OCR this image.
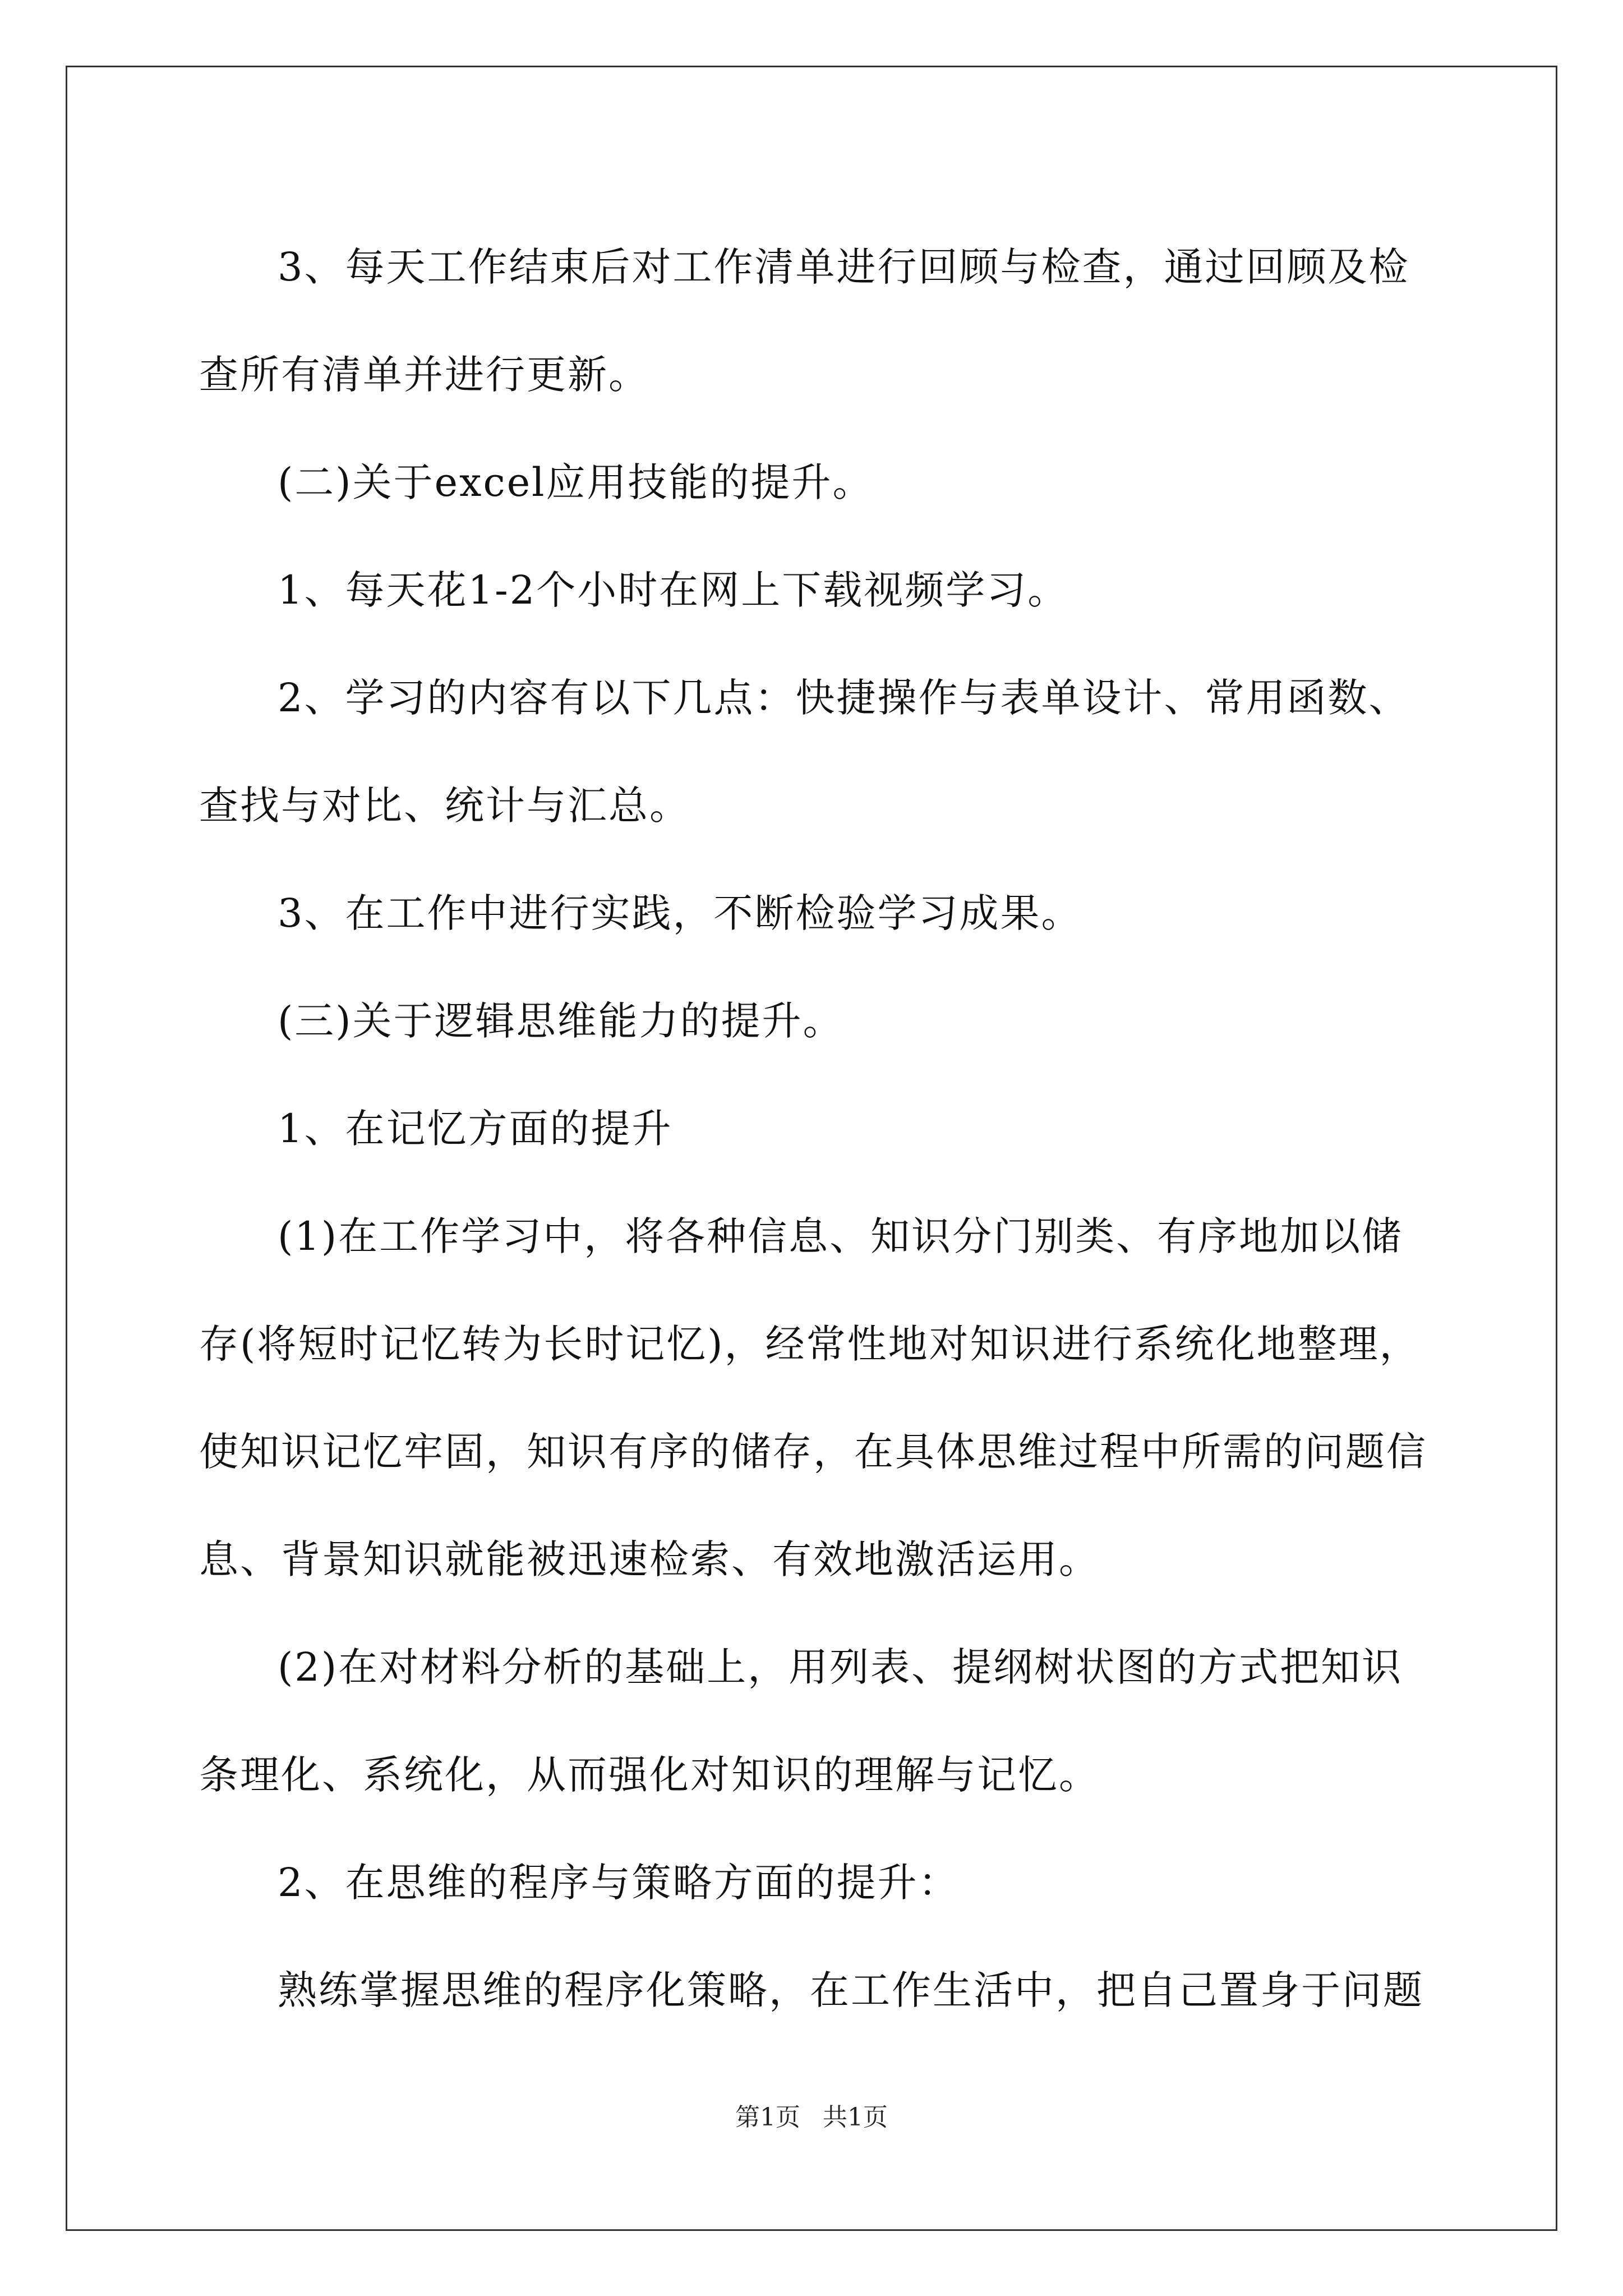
3、每天工作结束后对工作清单进行回顾与检查，通过回顾及检查所有清单并进行更新。

(二)关于excel应用技能的提升。

1、每天花1-2个小时在网上下载视频学习。

2、学习的内容有以下几点：快捷操作与表单设计、常用函数、查找与对比、统计与汇总。

3、在工作中进行实践，不断检验学习成果。

(三)关于逻辑思维能力的提升。

1、在记忆方面的提升

(1)在工作学习中，将各种信息、知识分门别类、有序地加以储存(将短时记忆转为长时记忆)，经常性地对知识进行系统化地整理，使知识记忆牢固，知识有序的储存，在具体思维过程中所需的问题信息、背景知识就能被迅速检索、有效地激活运用。

(2)在对材料分析的基础上，用列表、提纲树状图的方式把知识条理化、系统化，从而强化对知识的理解与记忆。

2、在思维的程序与策略方面的提升：

熟练掌握思维的程序化策略，在工作生活中，把自己置身于问题

第1页 共1页
